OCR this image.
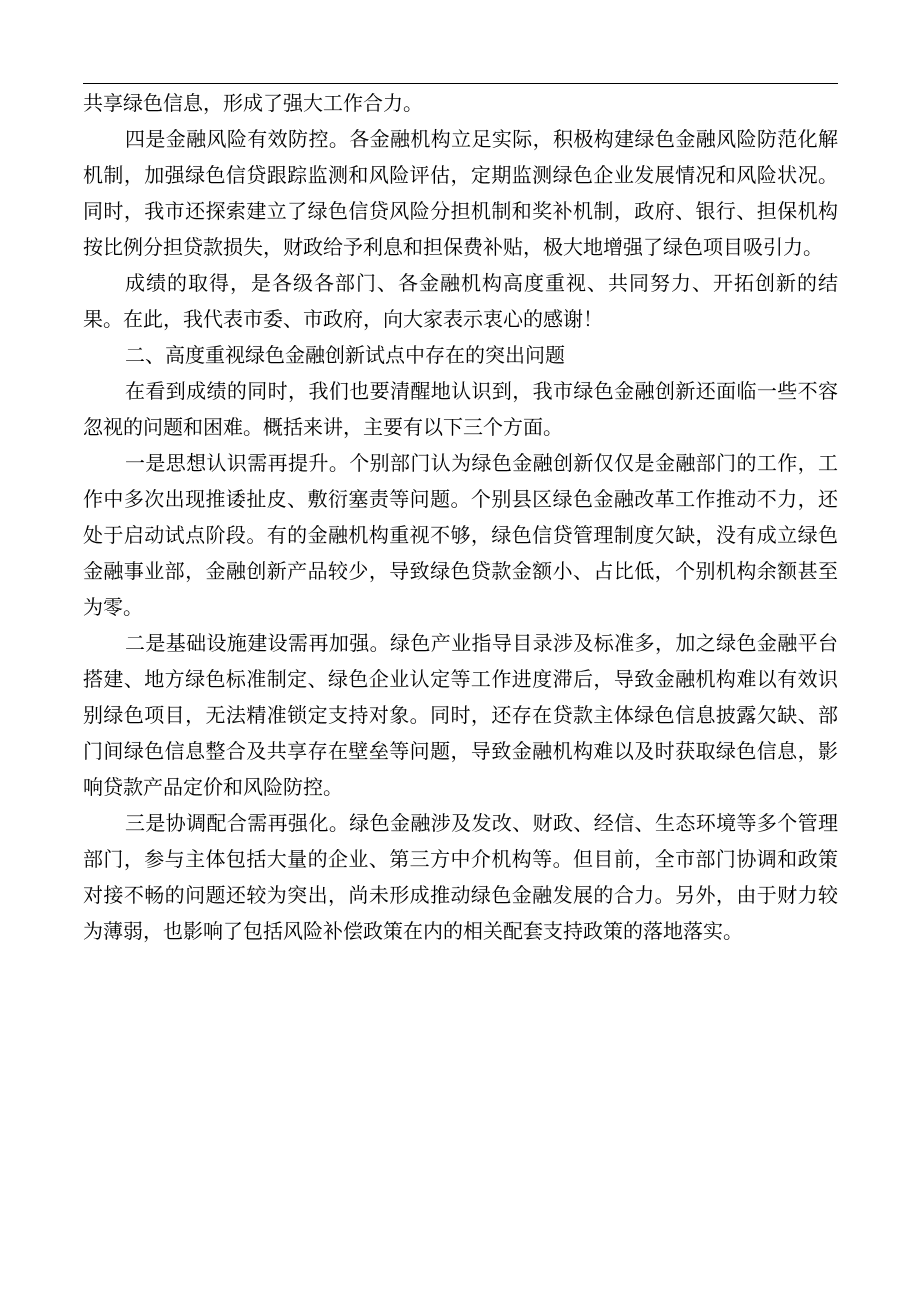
共享绿色信息，形成了强大工作合力。

四是金融风险有效防控。各金融机构立足实际，积极构建绿色金融风险防范化解机制，加强绿色信贷跟踪监测和风险评估，定期监测绿色企业发展情况和风险状况。同时，我市还探索建立了绿色信贷风险分担机制和奖补机制，政府、银行、担保机构按比例分担贷款损失，财政给予利息和担保费补贴，极大地增强了绿色项目吸引力。

成绩的取得，是各级各部门、各金融机构高度重视、共同努力、开拓创新的结果。在此，我代表市委、市政府，向大家表示衷心的感谢！

二、高度重视绿色金融创新试点中存在的突出问题

在看到成绩的同时，我们也要清醒地认识到，我市绿色金融创新还面临一些不容忽视的问题和困难。概括来讲，主要有以下三个方面。

一是思想认识需再提升。个别部门认为绿色金融创新仅仅是金融部门的工作，工作中多次出现推诿扯皮、敷衍塞责等问题。个别县区绿色金融改革工作推动不力，还处于启动试点阶段。有的金融机构重视不够，绿色信贷管理制度欠缺，没有成立绿色金融事业部，金融创新产品较少，导致绿色贷款金额小、占比低，个别机构余额甚至为零。

二是基础设施建设需再加强。绿色产业指导目录涉及标准多，加之绿色金融平台搭建、地方绿色标准制定、绿色企业认定等工作进度滞后，导致金融机构难以有效识别绿色项目，无法精准锁定支持对象。同时，还存在贷款主体绿色信息披露欠缺、部门间绿色信息整合及共享存在壁垒等问题，导致金融机构难以及时获取绿色信息，影响贷款产品定价和风险防控。

三是协调配合需再强化。绿色金融涉及发改、财政、经信、生态环境等多个管理部门，参与主体包括大量的企业、第三方中介机构等。但目前，全市部门协调和政策对接不畅的问题还较为突出，尚未形成推动绿色金融发展的合力。另外，由于财力较为薄弱，也影响了包括风险补偿政策在内的相关配套支持政策的落地落实。
